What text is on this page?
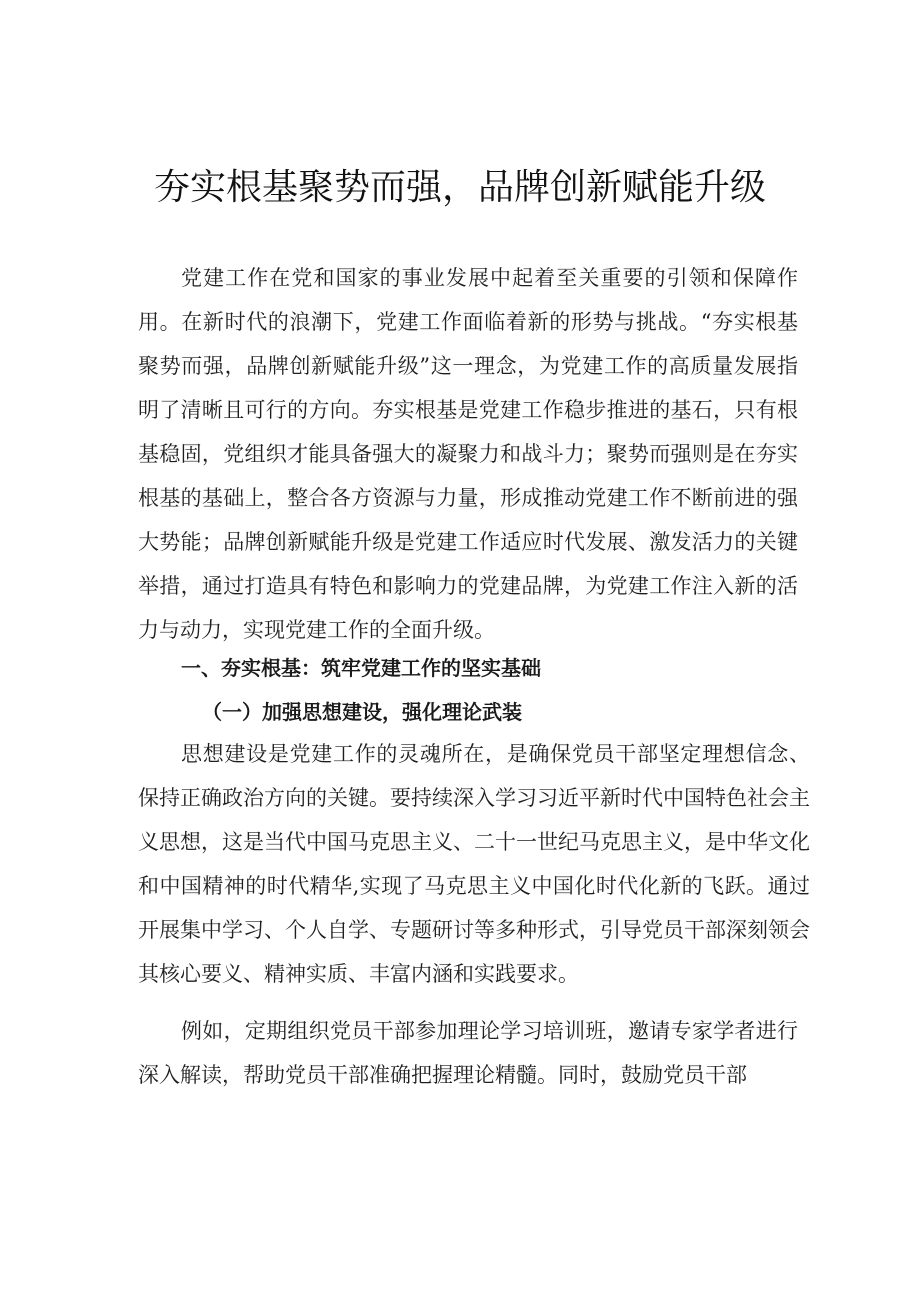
夯实根基聚势而强，品牌创新赋能升级

党建工作在党和国家的事业发展中起着至关重要的引领和保障作用。在新时代的浪潮下，党建工作面临着新的形势与挑战。“夯实根基聚势而强，品牌创新赋能升级”这一理念，为党建工作的高质量发展指明了清晰且可行的方向。夯实根基是党建工作稳步推进的基石，只有根基稳固，党组织才能具备强大的凝聚力和战斗力；聚势而强则是在夯实根基的基础上，整合各方资源与力量，形成推动党建工作不断前进的强大势能；品牌创新赋能升级是党建工作适应时代发展、激发活力的关键举措，通过打造具有特色和影响力的党建品牌，为党建工作注入新的活力与动力，实现党建工作的全面升级。

一、夯实根基：筑牢党建工作的坚实基础
（一）加强思想建设，强化理论武装

思想建设是党建工作的灵魂所在，是确保党员干部坚定理想信念、保持正确政治方向的关键。要持续深入学习习近平新时代中国特色社会主义思想，这是当代中国马克思主义、二十一世纪马克思主义，是中华文化和中国精神的时代精华,实现了马克思主义中国化时代化新的飞跃。通过开展集中学习、个人自学、专题研讨等多种形式，引导党员干部深刻领会其核心要义、精神实质、丰富内涵和实践要求。

例如，定期组织党员干部参加理论学习培训班，邀请专家学者进行深入解读，帮助党员干部准确把握理论精髓。同时，鼓励党员干部
